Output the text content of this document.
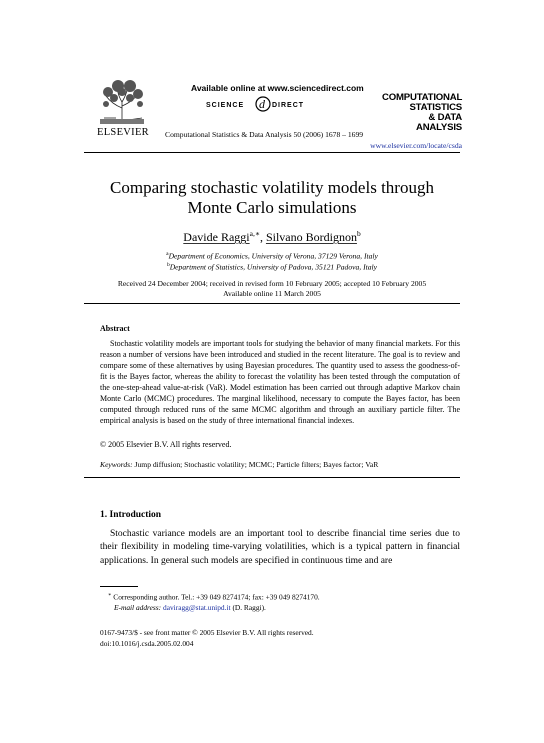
ELSEVIER
Available online at www.sciencedirect.com
SCIENCE d DIRECT
Computational Statistics & Data Analysis 50 (2006) 1678 – 1699
COMPUTATIONAL
STATISTICS
& DATA ANALYSIS
www.elsevier.com/locate/csda
Comparing stochastic volatility models through
Monte Carlo simulations
Davide Raggi$^{a,∗}$, Silvano Bordignon$^b$
$^a$Department of Economics, University of Verona, 37129 Verona, Italy
$^b$Department of Statistics, University of Padova, 35121 Padova, Italy
Received 24 December 2004; received in revised form 10 February 2005; accepted 10 February 2005
Available online 11 March 2005
Abstract
Stochastic volatility models are important tools for studying the behavior of many financial markets. For this reason a number of versions have been introduced and studied in the recent literature. The goal is to review and compare some of these alternatives by using Bayesian procedures. The quantity used to assess the goodness-of-fit is the Bayes factor, whereas the ability to forecast the volatility has been tested through the computation of the one-step-ahead value-at-risk (VaR). Model estimation has been carried out through adaptive Markov chain Monte Carlo (MCMC) procedures. The marginal likelihood, necessary to compute the Bayes factor, has been computed through reduced runs of the same MCMC algorithm and through an auxiliary particle filter. The empirical analysis is based on the study of three international financial indexes.
© 2005 Elsevier B.V. All rights reserved.
Keywords: Jump diffusion; Stochastic volatility; MCMC; Particle filters; Bayes factor; VaR
1. Introduction
Stochastic variance models are an important tool to describe financial time series due to their flexibility in modeling time-varying volatilities, which is a typical pattern in financial applications. In general such models are specified in continuous time and are
∗ Corresponding author. Tel.: +39 049 8274174; fax: +39 049 8274170.
E-mail address: daviragg@stat.unipd.it (D. Raggi).
0167-9473/$ - see front matter © 2005 Elsevier B.V. All rights reserved.
doi:10.1016/j.csda.2005.02.004
